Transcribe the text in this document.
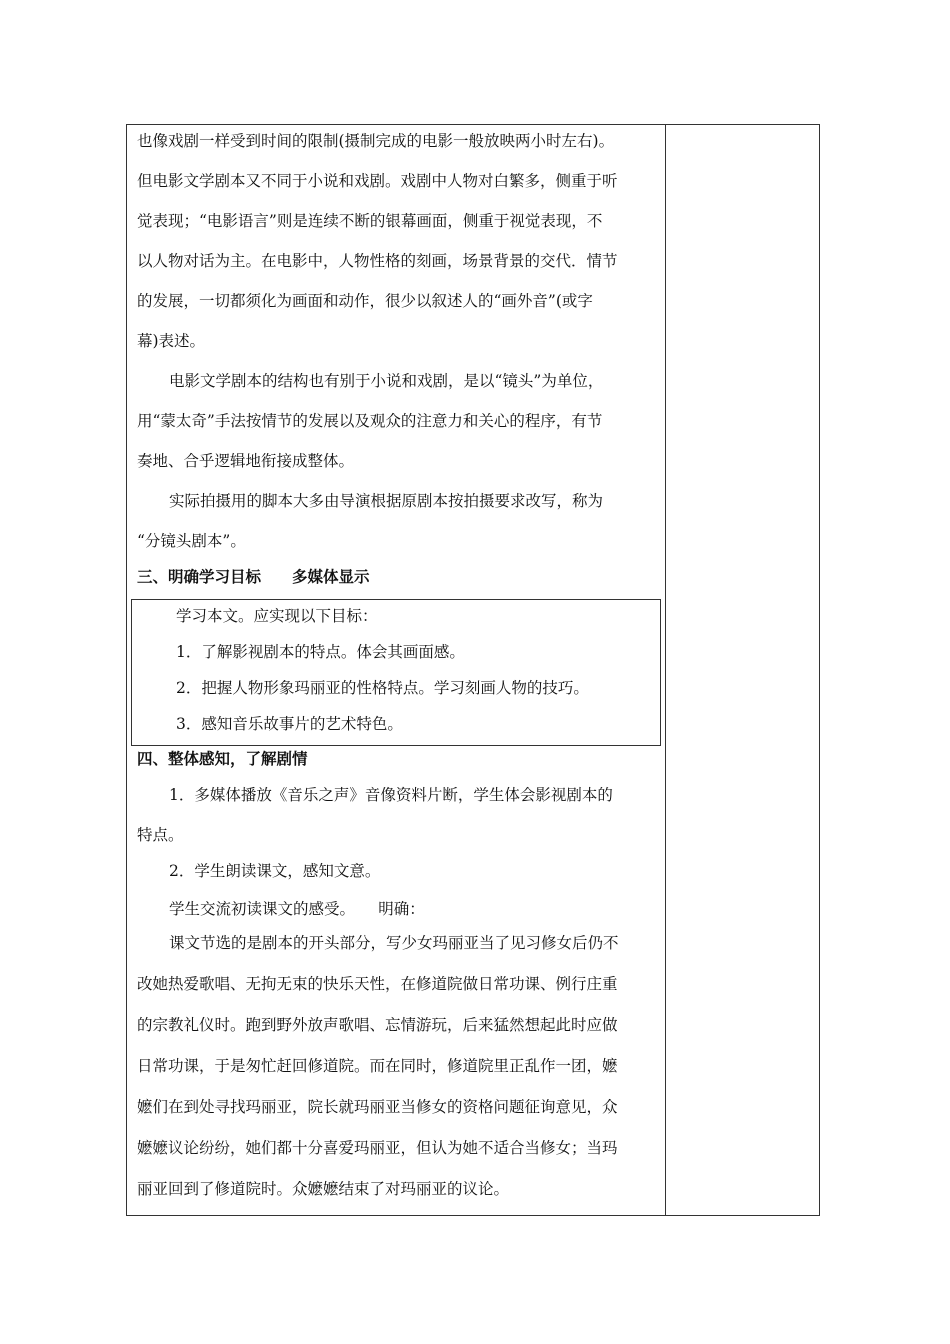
也像戏剧一样受到时间的限制(摄制完成的电影一般放映两小时左右)。
但电影文学剧本又不同于小说和戏剧。戏剧中人物对白繁多，侧重于听
觉表现；“电影语言”则是连续不断的银幕画面，侧重于视觉表现，不
以人物对话为主。在电影中，人物性格的刻画，场景背景的交代．情节
的发展，一切都须化为画面和动作，很少以叙述人的“画外音”(或字
幕)表述。
电影文学剧本的结构也有别于小说和戏剧，是以“镜头”为单位，
用“蒙太奇”手法按情节的发展以及观众的注意力和关心的程序，有节
奏地、合乎逻辑地衔接成整体。
实际拍摄用的脚本大多由导演根据原剧本按拍摄要求改写，称为
“分镜头剧本”。
三、明确学习目标　　多媒体显示
学习本文。应实现以下目标：
1．了解影视剧本的特点。体会其画面感。
2．把握人物形象玛丽亚的性格特点。学习刻画人物的技巧。
3．感知音乐故事片的艺术特色。
四、整体感知，了解剧情
1．多媒体播放《音乐之声》音像资料片断，学生体会影视剧本的
特点。
2．学生朗读课文，感知文意。
学生交流初读课文的感受。　　明确：
课文节选的是剧本的开头部分，写少女玛丽亚当了见习修女后仍不
改她热爱歌唱、无拘无束的快乐天性，在修道院做日常功课、例行庄重
的宗教礼仪时。跑到野外放声歌唱、忘情游玩，后来猛然想起此时应做
日常功课，于是匆忙赶回修道院。而在同时，修道院里正乱作一团，嬷
嬷们在到处寻找玛丽亚，院长就玛丽亚当修女的资格问题征询意见，众
嬷嬷议论纷纷，她们都十分喜爱玛丽亚，但认为她不适合当修女；当玛
丽亚回到了修道院时。众嬷嬷结束了对玛丽亚的议论。
